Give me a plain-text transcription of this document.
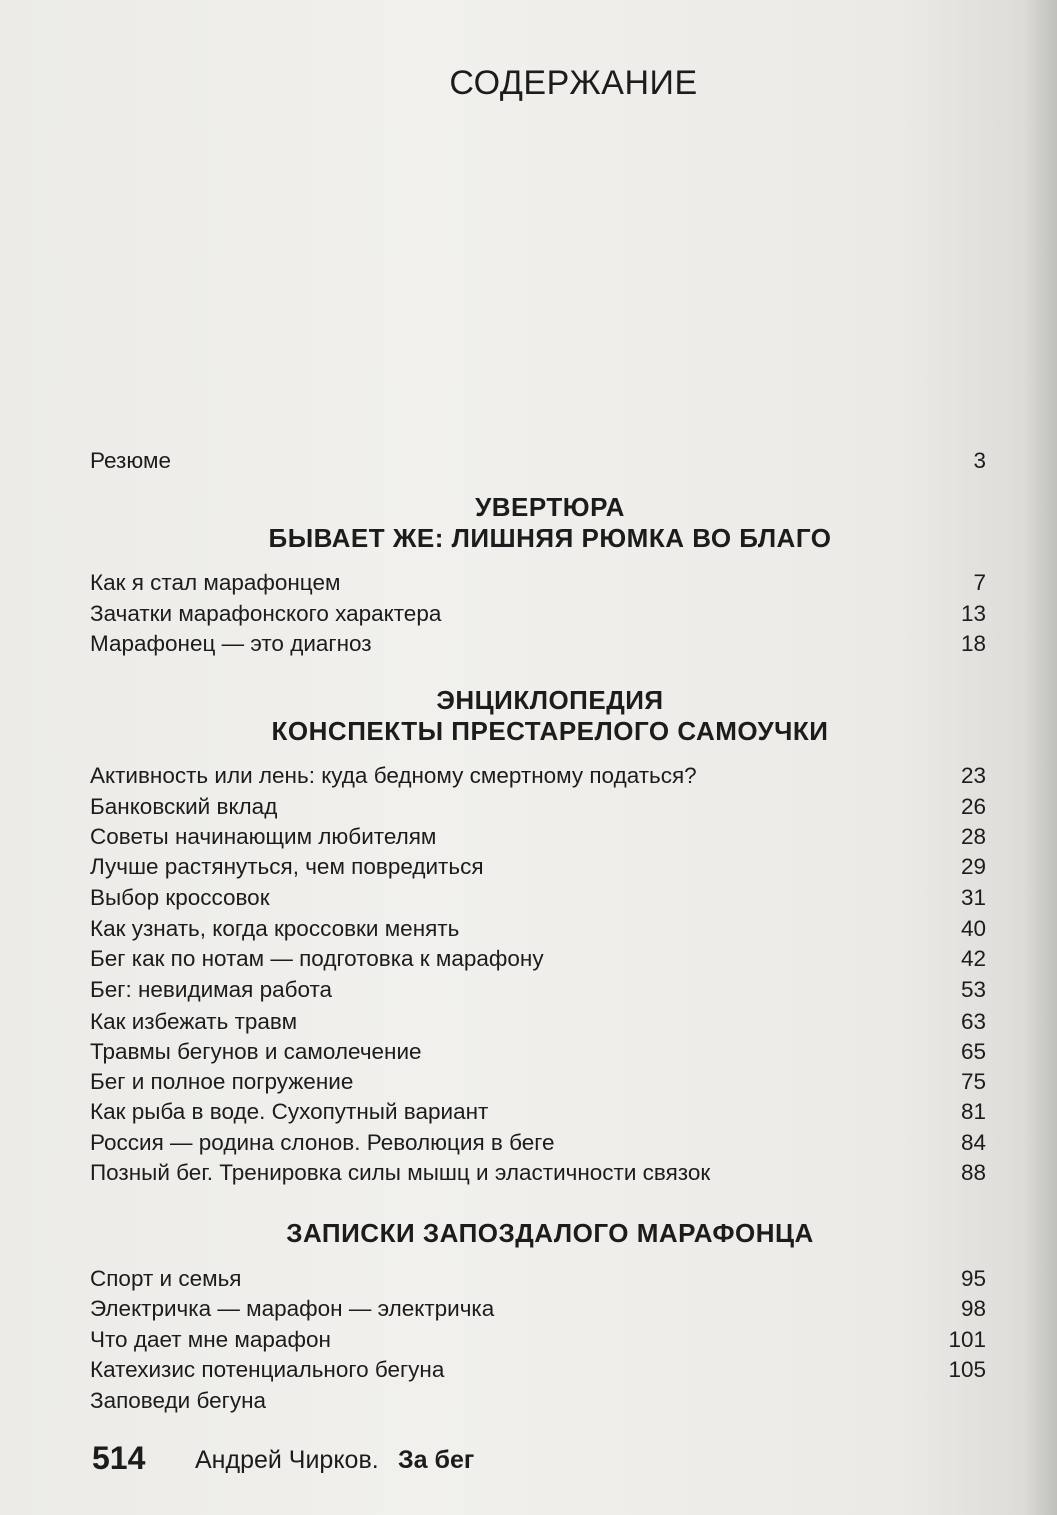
СОДЕРЖАНИЕ
Резюме	3
УВЕРТЮРА
БЫВАЕТ ЖЕ: ЛИШНЯЯ РЮМКА ВО БЛАГО
Как я стал марафонцем	7
Зачатки марафонского характера	13
Марафонец — это диагноз	18
ЭНЦИКЛОПЕДИЯ
КОНСПЕКТЫ ПРЕСТАРЕЛОГО САМОУЧКИ
Активность или лень: куда бедному смертному податься?	23
Банковский вклад	26
Советы начинающим любителям	28
Лучше растянуться, чем повредиться	29
Выбор кроссовок	31
Как узнать, когда кроссовки менять	40
Бег как по нотам — подготовка к марафону	42
Бег: невидимая работа	53
Как избежать травм	63
Травмы бегунов и самолечение	65
Бег и полное погружение	75
Как рыба в воде. Сухопутный вариант	81
Россия — родина слонов. Революция в беге	84
Позный бег. Тренировка силы мышц и эластичности связок	88
ЗАПИСКИ ЗАПОЗДАЛОГО МАРАФОНЦА
Спорт и семья	95
Электричка — марафон — электричка	98
Что дает мне марафон	101
Катехизис потенциального бегуна	105
Заповеди бегуна
514 Андрей Чирков. За бег
